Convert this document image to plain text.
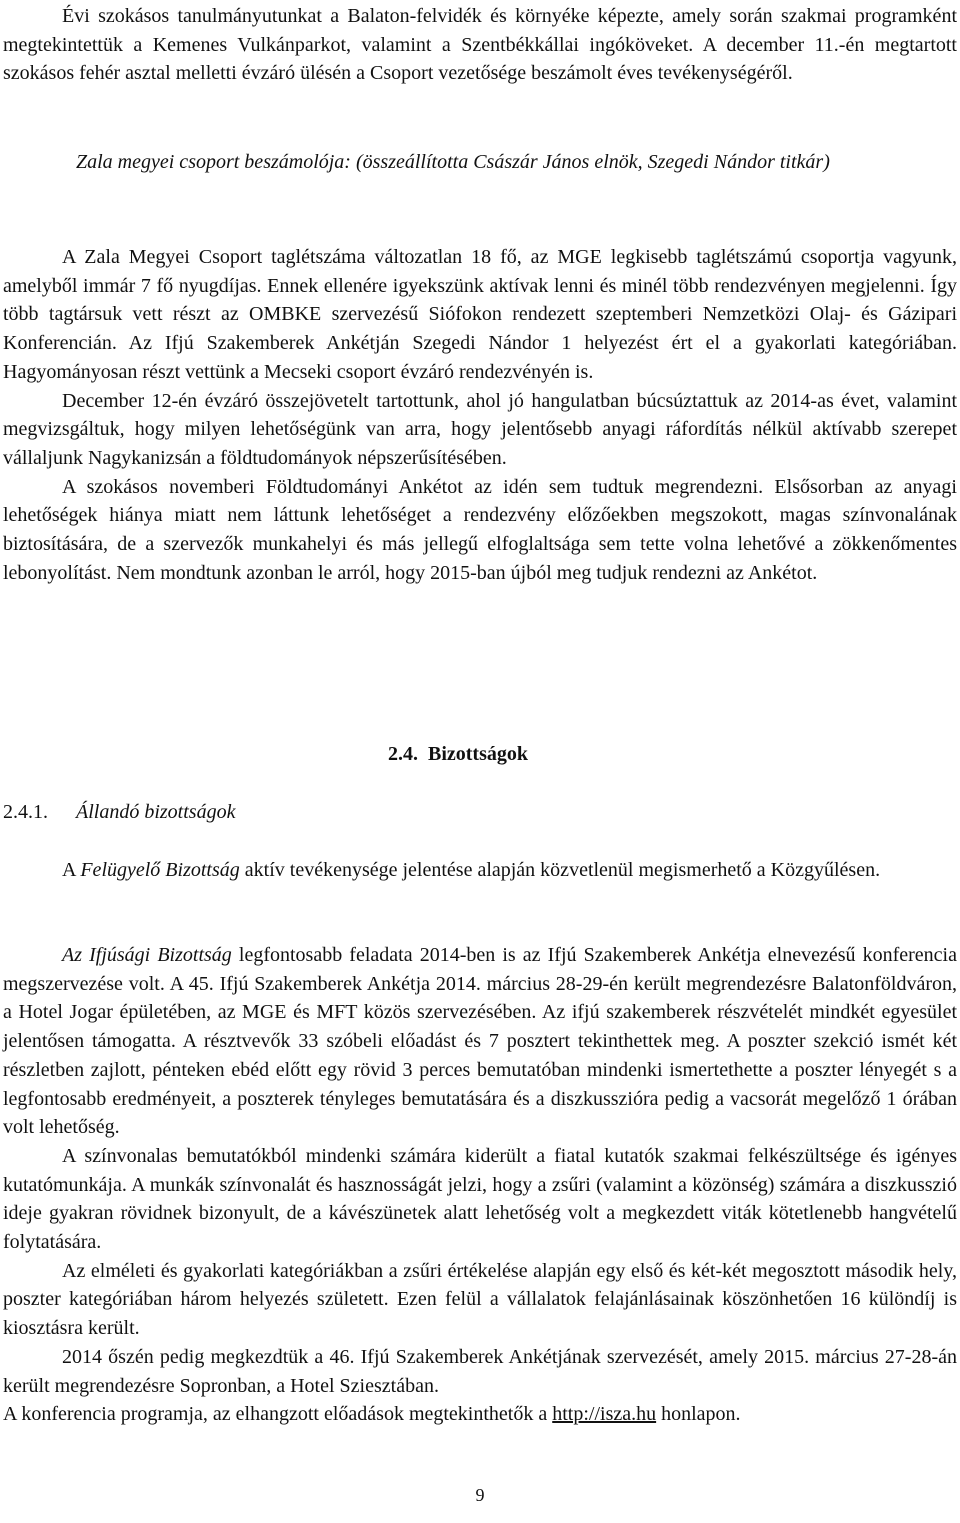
Évi szokásos tanulmányutunkat a Balaton-felvidék és környéke képezte, amely során szakmai programként megtekintettük a Kemenes Vulkánparkot, valamint a Szentbékkállai ingóköveket. A december 11.-én megtartott szokásos fehér asztal melletti évzáró ülésén a Csoport vezetősége beszámolt éves tevékenységéről.

Zala megyei csoport beszámolója: (összeállította Császár János elnök, Szegedi Nándor titkár)

A Zala Megyei Csoport taglétszáma változatlan 18 fő, az MGE legkisebb taglétszámú csoportja vagyunk, amelyből immár 7 fő nyugdíjas. Ennek ellenére igyekszünk aktívak lenni és minél több rendezvényen megjelenni. Így több tagtársuk vett részt az OMBKE szervezésű Siófokon rendezett szeptemberi Nemzetközi Olaj- és Gázipari Konferencián. Az Ifjú Szakemberek Ankétján Szegedi Nándor 1 helyezést ért el a gyakorlati kategóriában. Hagyományosan részt vettünk a Mecseki csoport évzáró rendezvényén is.

December 12-én évzáró összejövetelt tartottunk, ahol jó hangulatban búcsúztattuk az 2014-as évet, valamint megvizsgáltuk, hogy milyen lehetőségünk van arra, hogy jelentősebb anyagi ráfordítás nélkül aktívabb szerepet vállaljunk Nagykanizsán a földtudományok népszerűsítésében.

A szokásos novemberi Földtudományi Ankétot az idén sem tudtuk megrendezni. Elsősorban az anyagi lehetőségek hiánya miatt nem láttunk lehetőséget a rendezvény előzőekben megszokott, magas színvonalának biztosítására, de a szervezők munkahelyi és más jellegű elfoglaltsága sem tette volna lehetővé a zökkenőmentes lebonyolítást. Nem mondtunk azonban le arról, hogy 2015-ban újból meg tudjuk rendezni az Ankétot.

2.4. Bizottságok
2.4.1. Állandó bizottságok

A Felügyelő Bizottság aktív tevékenysége jelentése alapján közvetlenül megismerhető a Közgyűlésen.

Az Ifjúsági Bizottság legfontosabb feladata 2014-ben is az Ifjú Szakemberek Ankétja elnevezésű konferencia megszervezése volt. A 45. Ifjú Szakemberek Ankétja 2014. március 28-29-én került megrendezésre Balatonföldváron, a Hotel Jogar épületében, az MGE és MFT közös szervezésében. Az ifjú szakemberek részvételét mindkét egyesület jelentősen támogatta. A résztvevők 33 szóbeli előadást és 7 posztert tekinthettek meg. A poszter szekció ismét két részletben zajlott, pénteken ebéd előtt egy rövid 3 perces bemutatóban mindenki ismertethette a poszter lényegét s a legfontosabb eredményeit, a poszterek tényleges bemutatására és a diszkusszióra pedig a vacsorát megelőző 1 órában volt lehetőség.

A színvonalas bemutatókból mindenki számára kiderült a fiatal kutatók szakmai felkészültsége és igényes kutatómunkája. A munkák színvonalát és hasznosságát jelzi, hogy a zsűri (valamint a közönség) számára a diszkusszió ideje gyakran rövidnek bizonyult, de a kávészünetek alatt lehetőség volt a megkezdett viták kötetlenebb hangvételű folytatására.

Az elméleti és gyakorlati kategóriákban a zsűri értékelése alapján egy első és két-két megosztott második hely, poszter kategóriában három helyezés született. Ezen felül a vállalatok felajánlásainak köszönhetően 16 különdíj is kiosztásra került.

2014 őszén pedig megkezdtük a 46. Ifjú Szakemberek Ankétjának szervezését, amely 2015. március 27-28-án került megrendezésre Sopronban, a Hotel Sziesztában.

A konferencia programja, az elhangzott előadások megtekinthetők a http://isza.hu honlapon.

9
